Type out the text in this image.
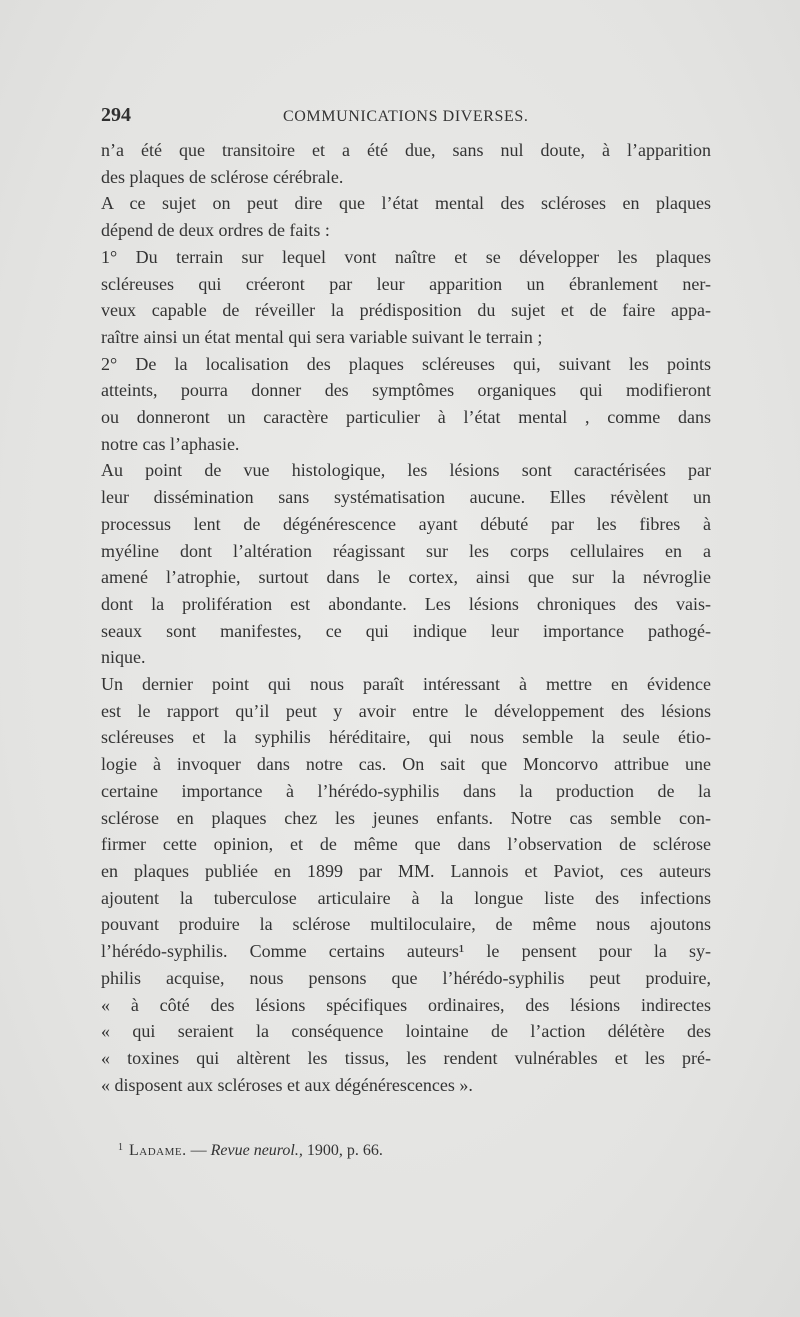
294	COMMUNICATIONS DIVERSES.

n’a été que transitoire et a été due, sans nul doute, à l’apparition
des plaques de sclérose cérébrale.

A ce sujet on peut dire que l’état mental des scléroses en plaques
dépend de deux ordres de faits :

1° Du terrain sur lequel vont naître et se développer les plaques
scléreuses qui créeront par leur apparition un ébranlement ner-
veux capable de réveiller la prédisposition du sujet et de faire appa-
raître ainsi un état mental qui sera variable suivant le terrain ;

2° De la localisation des plaques scléreuses qui, suivant les points
atteints, pourra donner des symptômes organiques qui modifieront
ou donneront un caractère particulier à l’état mental , comme dans
notre cas l’aphasie.

Au point de vue histologique, les lésions sont caractérisées par
leur dissémination sans systématisation aucune. Elles révèlent un
processus lent de dégénérescence ayant débuté par les fibres à
myéline dont l’altération réagissant sur les corps cellulaires en a
amené l’atrophie, surtout dans le cortex, ainsi que sur la névroglie
dont la prolifération est abondante. Les lésions chroniques des vais-
seaux sont manifestes, ce qui indique leur importance pathogé-
nique.

Un dernier point qui nous paraît intéressant à mettre en évidence
est le rapport qu’il peut y avoir entre le développement des lésions
scléreuses et la syphilis héréditaire, qui nous semble la seule étio-
logie à invoquer dans notre cas. On sait que Moncorvo attribue une
certaine importance à l’hérédo-syphilis dans la production de la
sclérose en plaques chez les jeunes enfants. Notre cas semble con-
firmer cette opinion, et de même que dans l’observation de sclérose
en plaques publiée en 1899 par MM. Lannois et Paviot, ces auteurs
ajoutent la tuberculose articulaire à la longue liste des infections
pouvant produire la sclérose multiloculaire, de même nous ajoutons
l’hérédo-syphilis. Comme certains auteurs¹ le pensent pour la sy-
philis acquise, nous pensons que l’hérédo-syphilis peut produire,
« à côté des lésions spécifiques ordinaires, des lésions indirectes
« qui seraient la conséquence lointaine de l’action délétère des
« toxines qui altèrent les tissus, les rendent vulnérables et les pré-
« disposent aux scléroses et aux dégénérescences ».

$^1$ Ladame. — Revue neurol., 1900, p. 66.
